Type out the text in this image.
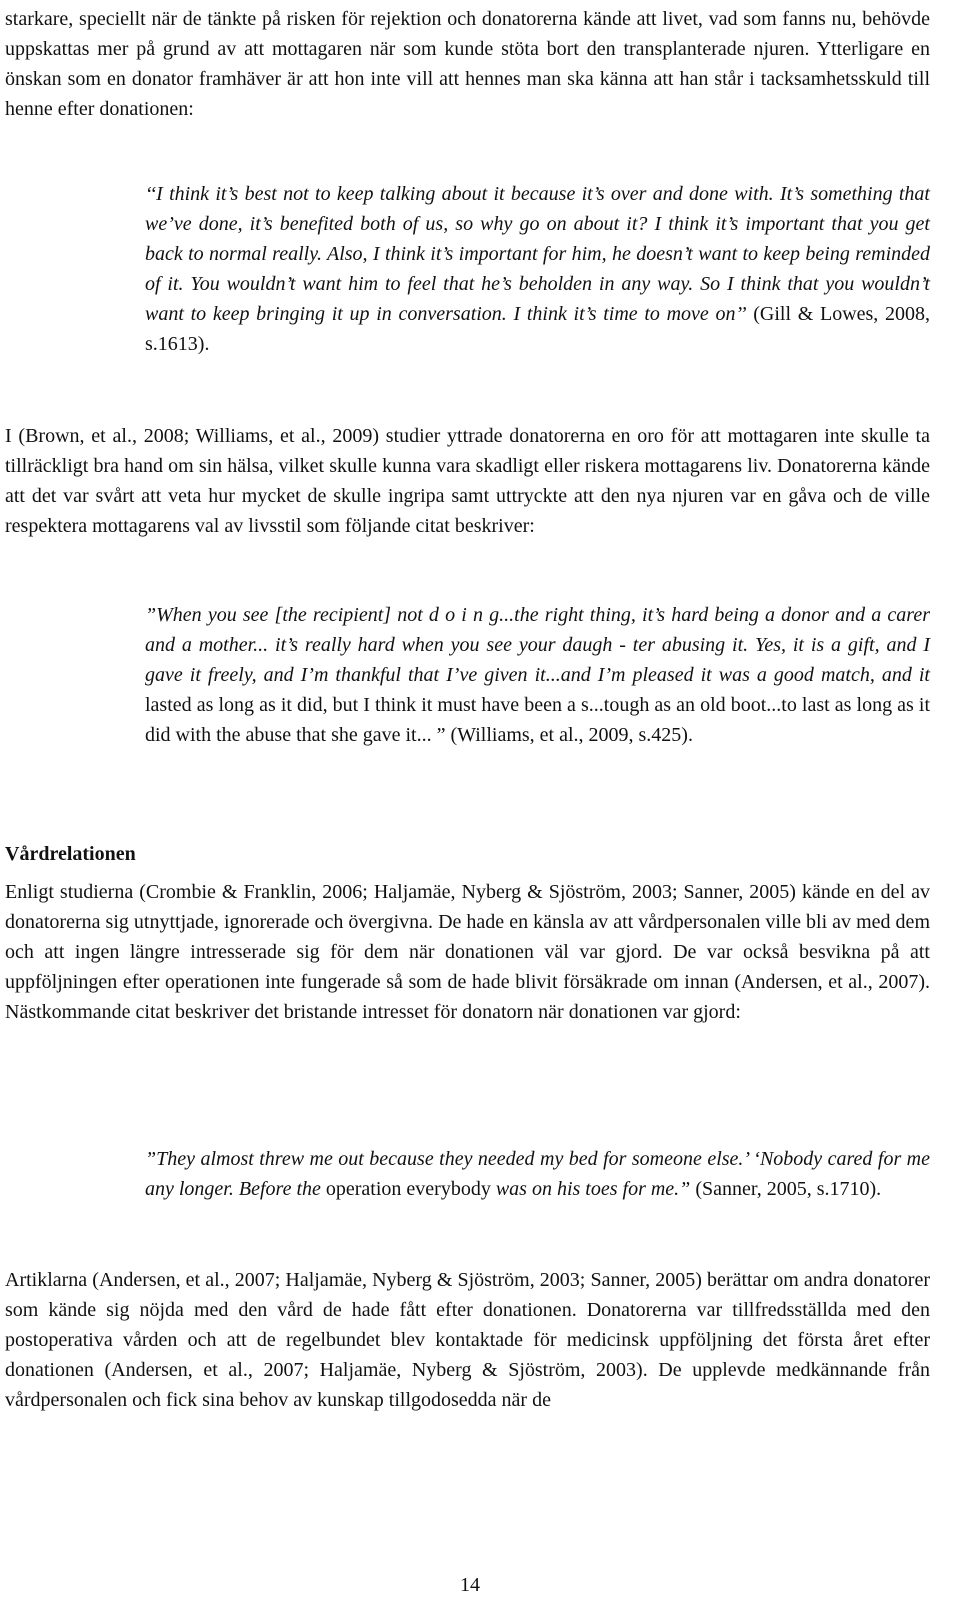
starkare, speciellt när de tänkte på risken för rejektion och donatorerna kände att livet, vad som fanns nu, behövde uppskattas mer på grund av att mottagaren när som kunde stöta bort den transplanterade njuren. Ytterligare en önskan som en donator framhäver är att hon inte vill att hennes man ska känna att han står i tacksamhetsskuld till henne efter donationen:

‘‘I think it’s best not to keep talking about it because it’s over and done with. It’s something that we’ve done, it’s benefited both of us, so why go on about it? I think it’s important that you get back to normal really. Also, I think it’s important for him, he doesn’t want to keep being reminded of it. You wouldn’t want him to feel that he’s beholden in any way. So I think that you wouldn’t want to keep bringing it up in conversation. I think it’s time to move on’’ (Gill & Lowes, 2008, s.1613).

I (Brown, et al., 2008; Williams, et al., 2009) studier yttrade donatorerna en oro för att mottagaren inte skulle ta tillräckligt bra hand om sin hälsa, vilket skulle kunna vara skadligt eller riskera mottagarens liv. Donatorerna kände att det var svårt att veta hur mycket de skulle ingripa samt uttryckte att den nya njuren var en gåva och de ville respektera mottagarens val av livsstil som följande citat beskriver:

”When you see [the recipient] not d o i n g...the right thing, it’s hard being a donor and a carer and a mother... it’s really hard when you see your daugh - ter abusing it. Yes, it is a gift, and I gave it freely, and I’m thankful that I’ve given it...and I’m pleased it was a good match, and it lasted as long as it did, but I think it must have been a s...tough as an old boot...to last as long as it did with the abuse that she gave it... ” (Williams, et al., 2009, s.425).

Vårdrelationen

Enligt studierna (Crombie & Franklin, 2006; Haljamäe, Nyberg & Sjöström, 2003; Sanner, 2005) kände en del av donatorerna sig utnyttjade, ignorerade och övergivna. De hade en känsla av att vårdpersonalen ville bli av med dem och att ingen längre intresserade sig för dem när donationen väl var gjord. De var också besvikna på att uppföljningen efter operationen inte fungerade så som de hade blivit försäkrade om innan (Andersen, et al., 2007). Nästkommande citat beskriver det bristande intresset för donatorn när donationen var gjord:

”They almost threw me out because they needed my bed for someone else.’ ‘Nobody cared for me any longer. Before the operation everybody was on his toes for me.” (Sanner, 2005, s.1710).

Artiklarna (Andersen, et al., 2007; Haljamäe, Nyberg & Sjöström, 2003; Sanner, 2005) berättar om andra donatorer som kände sig nöjda med den vård de hade fått efter donationen. Donatorerna var tillfredsställda med den postoperativa vården och att de regelbundet blev kontaktade för medicinsk uppföljning det första året efter donationen (Andersen, et al., 2007; Haljamäe, Nyberg & Sjöström, 2003). De upplevde medkännande från vårdpersonalen och fick sina behov av kunskap tillgodosedda när de

14
